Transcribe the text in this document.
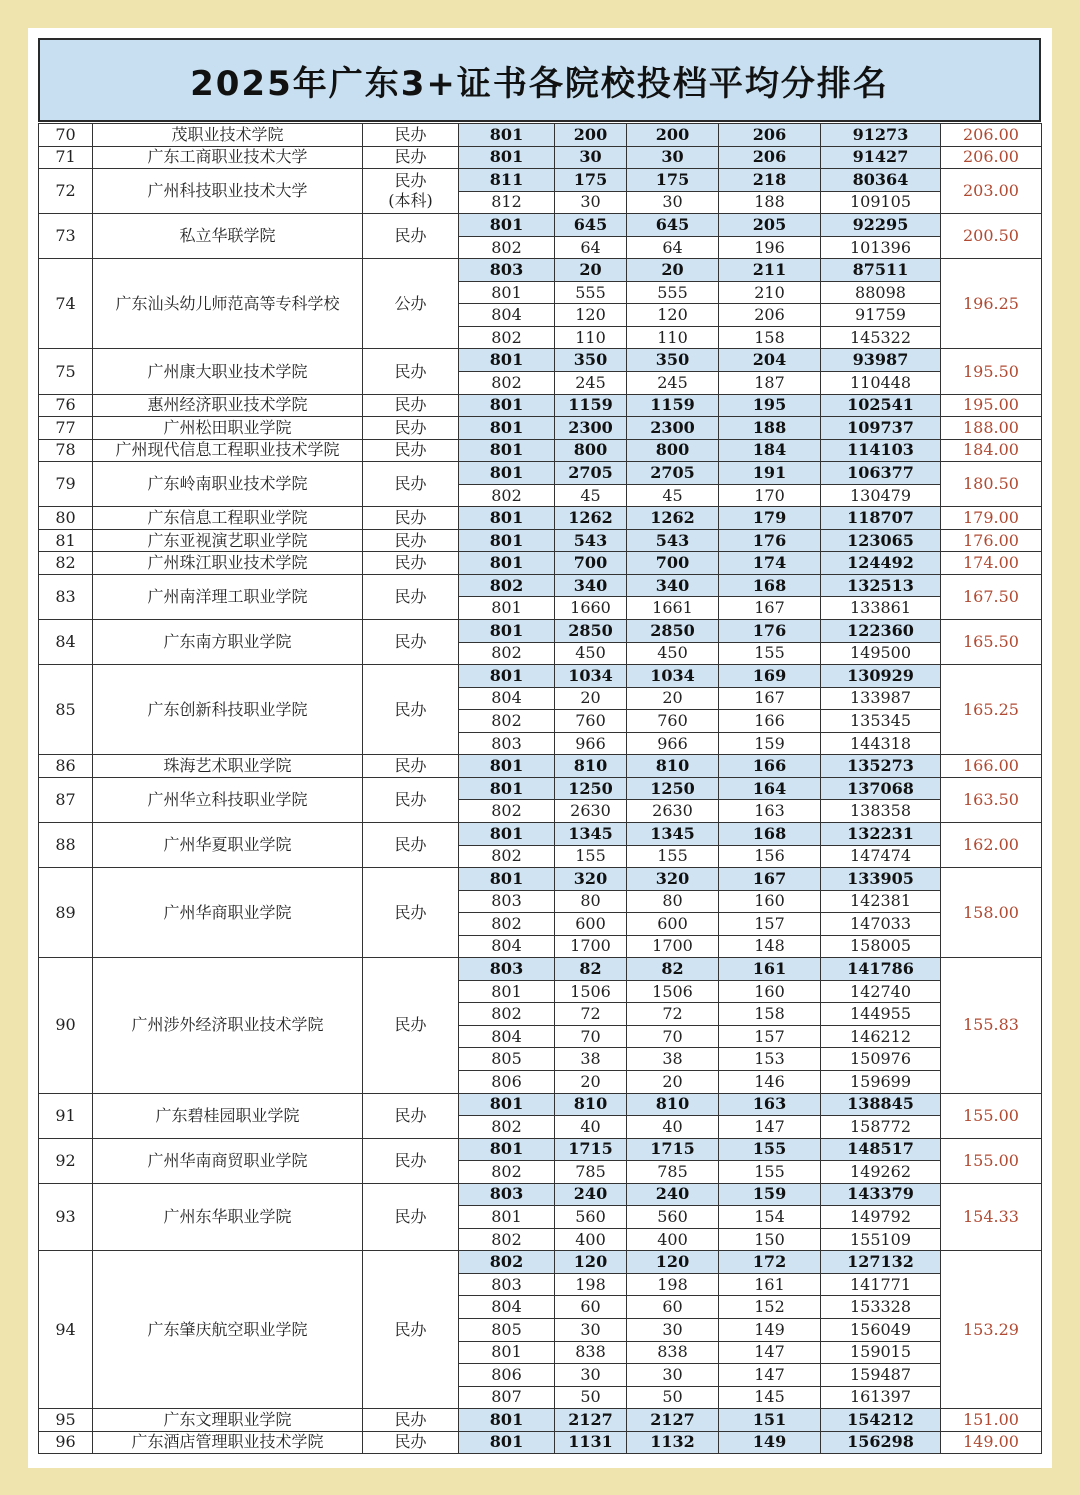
2025年广东3+证书各院校投档平均分排名
70	茂职业技术学院	民办	801	200	200	206	91273	206.00
71	广东工商职业技术大学	民办	801	30	30	206	91427	206.00
72	广州科技职业技术大学	民办
(本科)	811	175	175	218	80364	203.00
			812	30	30	188	109105	
73	私立华联学院	民办	801	645	645	205	92295	200.50
			802	64	64	196	101396	
74	广东汕头幼儿师范高等专科学校	公办	803	20	20	211	87511	196.25
			801	555	555	210	88098	
			804	120	120	206	91759	
			802	110	110	158	145322	
75	广州康大职业技术学院	民办	801	350	350	204	93987	195.50
			802	245	245	187	110448	
76	惠州经济职业技术学院	民办	801	1159	1159	195	102541	195.00
77	广州松田职业学院	民办	801	2300	2300	188	109737	188.00
78	广州现代信息工程职业技术学院	民办	801	800	800	184	114103	184.00
79	广东岭南职业技术学院	民办	801	2705	2705	191	106377	180.50
			802	45	45	170	130479	
80	广东信息工程职业学院	民办	801	1262	1262	179	118707	179.00
81	广东亚视演艺职业学院	民办	801	543	543	176	123065	176.00
82	广州珠江职业技术学院	民办	801	700	700	174	124492	174.00
83	广州南洋理工职业学院	民办	802	340	340	168	132513	167.50
			801	1660	1661	167	133861	
84	广东南方职业学院	民办	801	2850	2850	176	122360	165.50
			802	450	450	155	149500	
85	广东创新科技职业学院	民办	801	1034	1034	169	130929	165.25
			804	20	20	167	133987	
			802	760	760	166	135345	
			803	966	966	159	144318	
86	珠海艺术职业学院	民办	801	810	810	166	135273	166.00
87	广州华立科技职业学院	民办	801	1250	1250	164	137068	163.50
			802	2630	2630	163	138358	
88	广州华夏职业学院	民办	801	1345	1345	168	132231	162.00
			802	155	155	156	147474	
89	广州华商职业学院	民办	801	320	320	167	133905	158.00
			803	80	80	160	142381	
			802	600	600	157	147033	
			804	1700	1700	148	158005	
90	广州涉外经济职业技术学院	民办	803	82	82	161	141786	155.83
			801	1506	1506	160	142740	
			802	72	72	158	144955	
			804	70	70	157	146212	
			805	38	38	153	150976	
			806	20	20	146	159699	
91	广东碧桂园职业学院	民办	801	810	810	163	138845	155.00
			802	40	40	147	158772	
92	广州华南商贸职业学院	民办	801	1715	1715	155	148517	155.00
			802	785	785	155	149262	
93	广州东华职业学院	民办	803	240	240	159	143379	154.33
			801	560	560	154	149792	
			802	400	400	150	155109	
94	广东肇庆航空职业学院	民办	802	120	120	172	127132	153.29
			803	198	198	161	141771	
			804	60	60	152	153328	
			805	30	30	149	156049	
			801	838	838	147	159015	
			806	30	30	147	159487	
			807	50	50	145	161397	
95	广东文理职业学院	民办	801	2127	2127	151	154212	151.00
96	广东酒店管理职业技术学院	民办	801	1131	1132	149	156298	149.00
